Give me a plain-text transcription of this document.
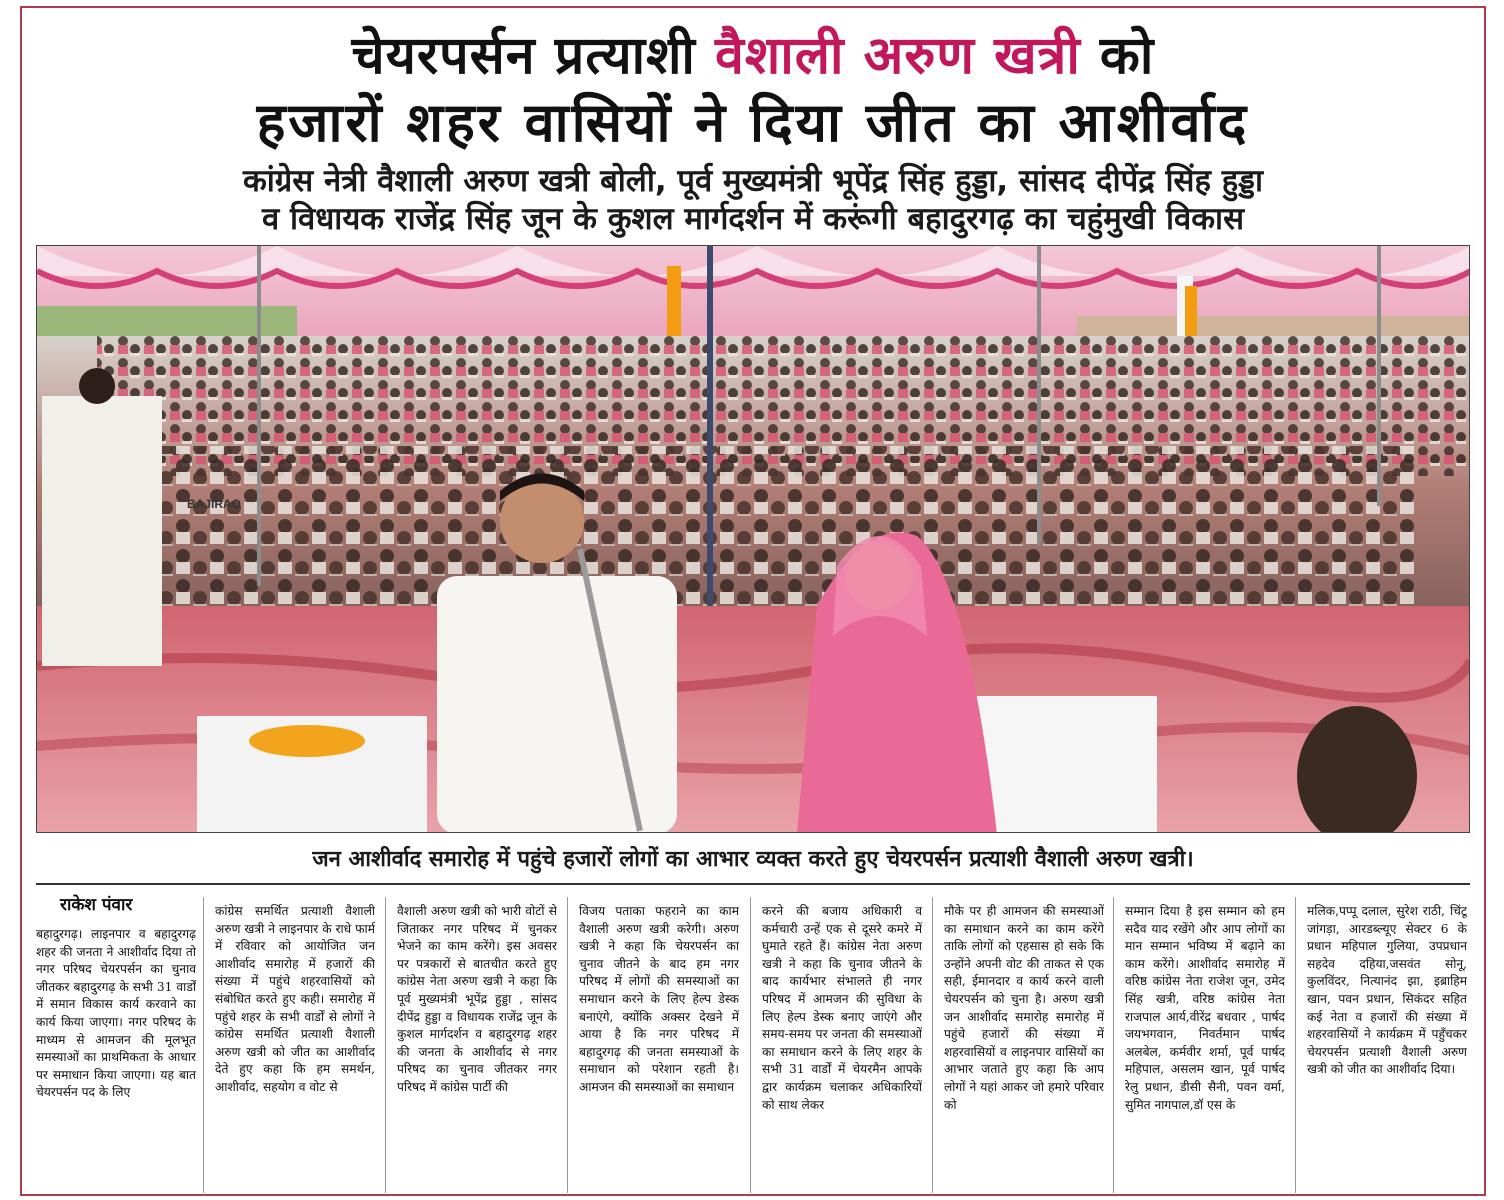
चेयरपर्सन प्रत्याशी वैशाली अरुण खत्री को
हजारों शहर वासियों ने दिया जीत का आशीर्वाद
कांग्रेस नेत्री वैशाली अरुण खत्री बोली, पूर्व मुख्यमंत्री भूपेंद्र सिंह हुड्डा, सांसद दीपेंद्र सिंह हुड्डा
व विधायक राजेंद्र सिंह जून के कुशल मार्गदर्शन में करूंगी बहादुरगढ़ का चहुंमुखी विकास
BAJIRAO
जन आशीर्वाद समारोह में पहुंचे हजारों लोगों का आभार व्यक्त करते हुए चेयरपर्सन प्रत्याशी वैशाली अरुण खत्री।
राकेश पंवार
बहादुरगढ़। लाइनपार व बहादुरगढ़ शहर की जनता ने आशीर्वाद दिया तो नगर परिषद चेयरपर्सन का चुनाव जीतकर बहादुरगढ़ के सभी 31 वार्डों में समान विकास कार्य करवाने का कार्य किया जाएगा। नगर परिषद के माध्यम से आमजन की मूलभूत समस्याओं का प्राथमिकता के आधार पर समाधान किया जाएगा। यह बात चेयरपर्सन पद के लिए
कांग्रेस समर्थित प्रत्याशी वैशाली अरुण खत्री ने लाइनपार के राधे फार्म में रविवार को आयोजित जन आशीर्वाद समारोह में हजारों की संख्या में पहुंचे शहरवासियों को संबोधित करते हुए कही। समारोह में पहुंचे शहर के सभी वार्डों से लोगों ने कांग्रेस समर्थित प्रत्याशी वैशाली अरुण खत्री को जीत का आशीर्वाद देते हुए कहा कि हम समर्थन, आशीर्वाद, सहयोग व वोट से
वैशाली अरुण खत्री को भारी वोटों से जिताकर नगर परिषद में चुनकर भेजने का काम करेंगे। इस अवसर पर पत्रकारों से बातचीत करते हुए कांग्रेस नेता अरुण खत्री ने कहा कि पूर्व मुख्यमंत्री भूपेंद्र हुड्डा , सांसद दीपेंद्र हुड्डा व विधायक राजेंद्र जून के कुशल मार्गदर्शन व बहादुरगढ़ शहर की जनता के आशीर्वाद से नगर परिषद का चुनाव जीतकर नगर परिषद में कांग्रेस पार्टी की
विजय पताका फहराने का काम वैशाली अरुण खत्री करेगी। अरुण खत्री ने कहा कि चेयरपर्सन का चुनाव जीतने के बाद हम नगर परिषद में लोगों की समस्याओं का समाधान करने के लिए हेल्प डेस्क बनाएंगे, क्योंकि अक्सर देखने में आया है कि नगर परिषद में बहादुरगढ़ की जनता समस्याओं के समाधान को परेशान रहती है। आमजन की समस्याओं का समाधान
करने की बजाय अधिकारी व कर्मचारी उन्हें एक से दूसरे कमरे में घुमाते रहते हैं। कांग्रेस नेता अरुण खत्री ने कहा कि चुनाव जीतने के बाद कार्यभार संभालते ही नगर परिषद में आमजन की सुविधा के लिए हेल्प डेस्क बनाए जाएंगे और समय-समय पर जनता की समस्याओं का समाधान करने के लिए शहर के सभी 31 वार्डों में चेयरमैन आपके द्वार कार्यक्रम चलाकर अधिकारियों को साथ लेकर
मौके पर ही आमजन की समस्याओं का समाधान करने का काम करेंगे ताकि लोगों को एहसास हो सके कि उन्होंने अपनी वोट की ताकत से एक सही, ईमानदार व कार्य करने वाली चेयरपर्सन को चुना है। अरुण खत्री जन आशीर्वाद समारोह समारोह में पहुंचे हजारों की संख्या में शहरवासियों व लाइनपार वासियों का आभार जताते हुए कहा कि आप लोगों ने यहां आकर जो हमारे परिवार को
सम्मान दिया है इस सम्मान को हम सदैव याद रखेंगे और आप लोगों का मान सम्मान भविष्य में बढ़ाने का काम करेंगे। आशीर्वाद समारोह में वरिष्ठ कांग्रेस नेता राजेश जून, उमेद सिंह खत्री, वरिष्ठ कांग्रेस नेता राजपाल आर्य,वीरेंद्र बधवार , पार्षद जयभगवान, निवर्तमान पार्षद अलबेल, कर्मवीर शर्मा, पूर्व पार्षद महिपाल, असलम खान, पूर्व पार्षद रेलु प्रधान, डीसी सैनी, पवन वर्मा, सुमित नागपाल,डॉ एस के
मलिक,पप्पू दलाल, सुरेश राठी, चिंटू जांगड़ा, आरडब्ल्यूए सेक्टर 6 के प्रधान महिपाल गुलिया, उपप्रधान सहदेव दहिया,जसवंत सोनू, कुलविंदर, नित्यानंद झा, इब्राहिम खान, पवन प्रधान, सिकंदर सहित कई नेता व हजारों की संख्या में शहरवासियों ने कार्यक्रम में पहुँचकर चेयरपर्सन प्रत्याशी वैशाली अरुण खत्री को जीत का आशीर्वाद दिया।
